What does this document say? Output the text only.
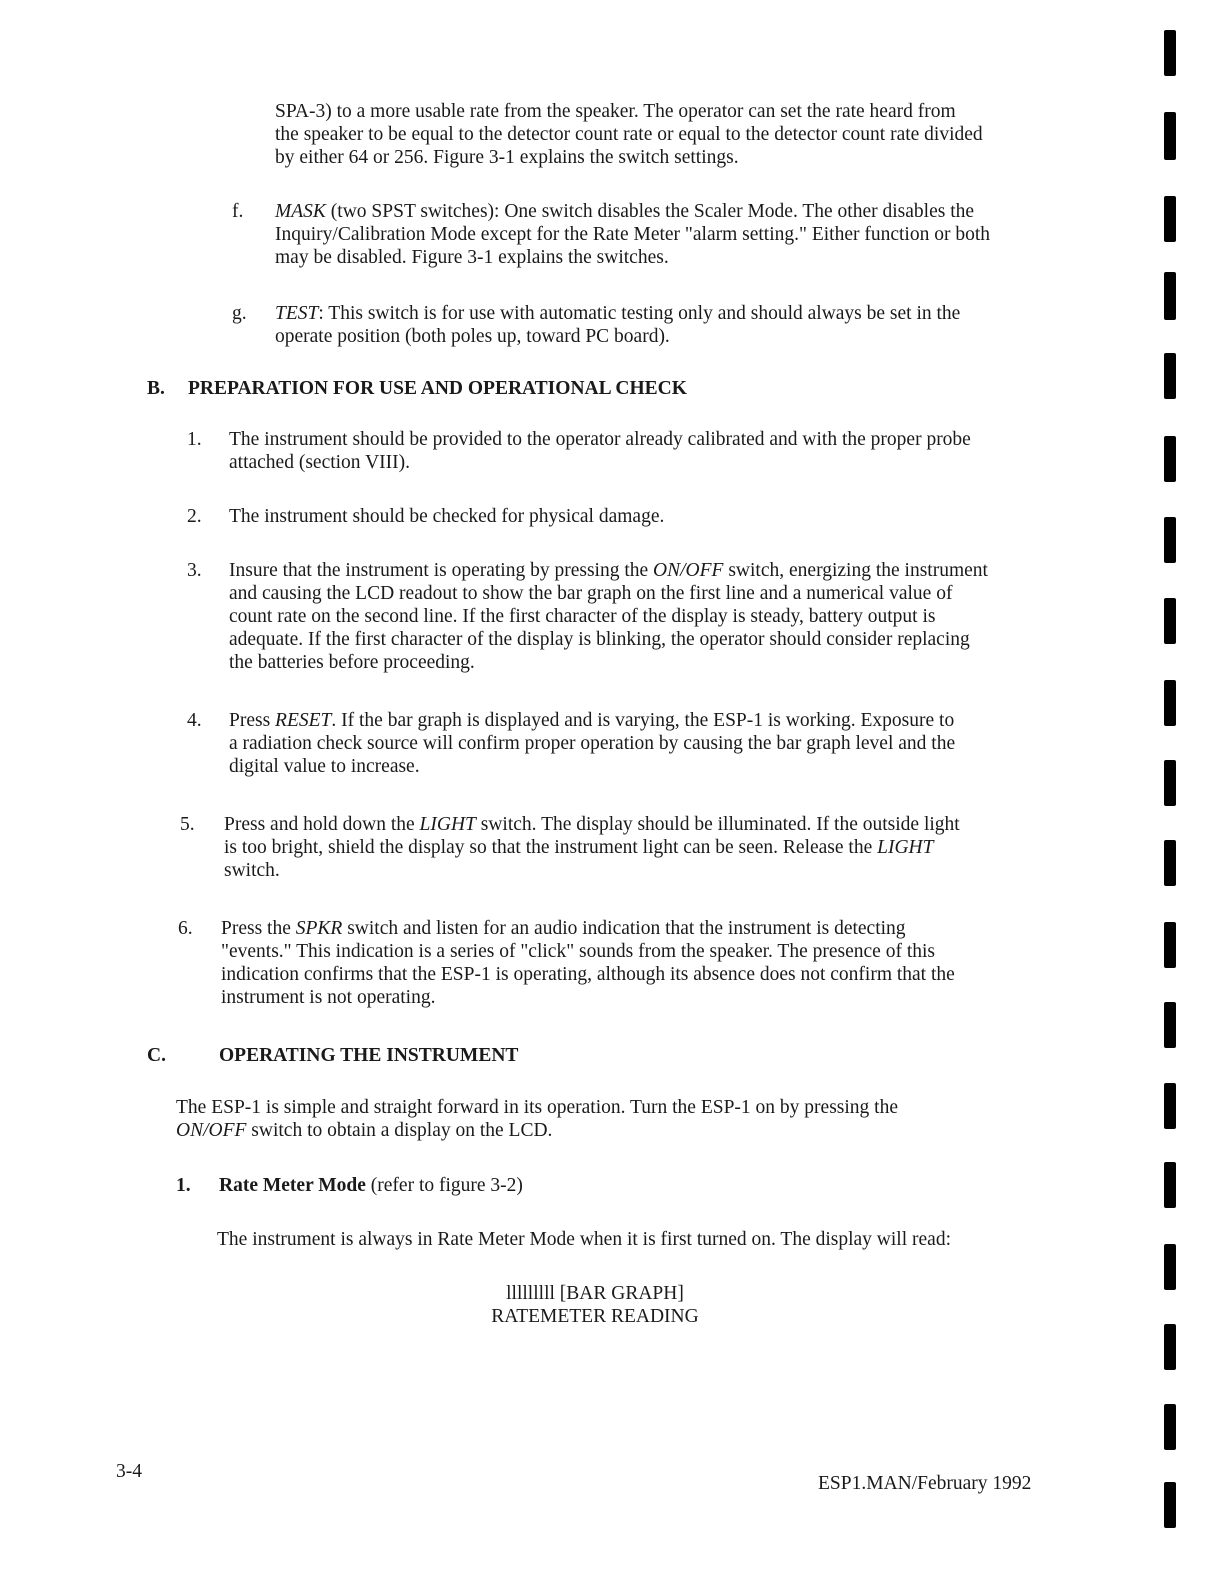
SPA-3) to a more usable rate from the speaker. The operator can set the rate heard from
the speaker to be equal to the detector count rate or equal to the detector count rate divided
by either 64 or 256. Figure 3-1 explains the switch settings.
f. MASK (two SPST switches): One switch disables the Scaler Mode. The other disables the
Inquiry/Calibration Mode except for the Rate Meter "alarm setting." Either function or both
may be disabled. Figure 3-1 explains the switches.
g. TEST: This switch is for use with automatic testing only and should always be set in the
operate position (both poles up, toward PC board).
B. PREPARATION FOR USE AND OPERATIONAL CHECK
1. The instrument should be provided to the operator already calibrated and with the proper probe
attached (section VIII).
2. The instrument should be checked for physical damage.
3. Insure that the instrument is operating by pressing the ON/OFF switch, energizing the instrument
and causing the LCD readout to show the bar graph on the first line and a numerical value of
count rate on the second line. If the first character of the display is steady, battery output is
adequate. If the first character of the display is blinking, the operator should consider replacing
the batteries before proceeding.
4. Press RESET. If the bar graph is displayed and is varying, the ESP-1 is working. Exposure to
a radiation check source will confirm proper operation by causing the bar graph level and the
digital value to increase.
5. Press and hold down the LIGHT switch. The display should be illuminated. If the outside light
is too bright, shield the display so that the instrument light can be seen. Release the LIGHT
switch.
6. Press the SPKR switch and listen for an audio indication that the instrument is detecting
"events." This indication is a series of "click" sounds from the speaker. The presence of this
indication confirms that the ESP-1 is operating, although its absence does not confirm that the
instrument is not operating.
C.	OPERATING THE INSTRUMENT
The ESP-1 is simple and straight forward in its operation. Turn the ESP-1 on by pressing the
ON/OFF switch to obtain a display on the LCD.
1. Rate Meter Mode (refer to figure 3-2)
The instrument is always in Rate Meter Mode when it is first turned on. The display will read:
lllllllll [BAR GRAPH]
RATEMETER READING
3-4
ESP1.MAN/February 1992
